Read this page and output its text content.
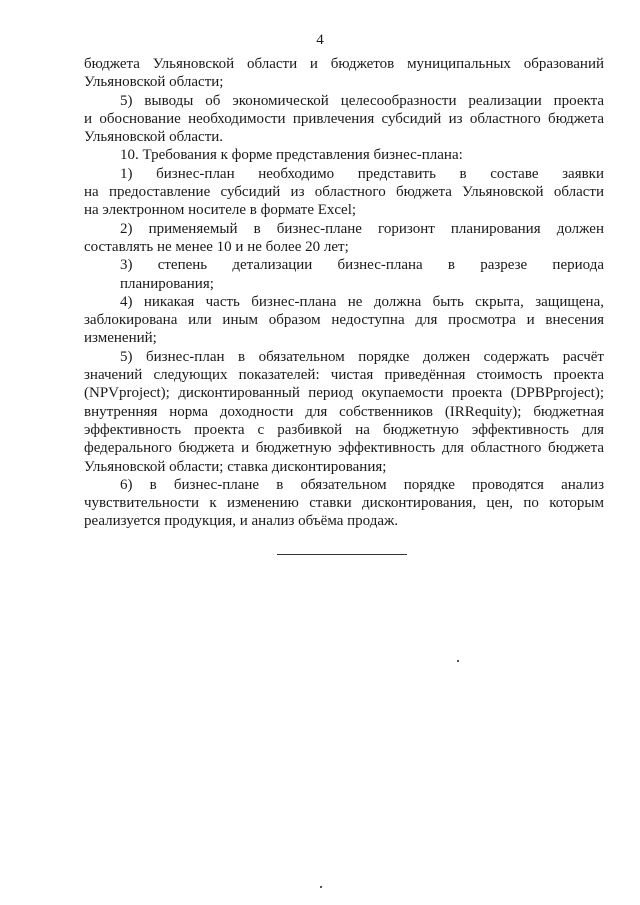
4
бюджета Ульяновской области и бюджетов муниципальных образований
Ульяновской области;
5) выводы об экономической целесообразности реализации проекта
и обоснование необходимости привлечения субсидий из областного бюджета
Ульяновской области.
10. Требования к форме представления бизнес-плана:
1) бизнес-план необходимо представить в составе заявки
на предоставление субсидий из областного бюджета Ульяновской области
на электронном носителе в формате Excel;
2) применяемый в бизнес-плане горизонт планирования должен
составлять не менее 10 и не более 20 лет;
3) степень детализации бизнес-плана в разрезе периода
планирования;
4) никакая часть бизнес-плана не должна быть скрыта, защищена,
заблокирована или иным образом недоступна для просмотра и внесения
изменений;
5) бизнес-план в обязательном порядке должен содержать расчёт
значений следующих показателей: чистая приведённая стоимость проекта
(NPVproject); дисконтированный период окупаемости проекта (DPBPproject);
внутренняя норма доходности для собственников (IRRequity); бюджетная
эффективность проекта с разбивкой на бюджетную эффективность для
федерального бюджета и бюджетную эффективность для областного бюджета
Ульяновской области; ставка дисконтирования;
6) в бизнес-плане в обязательном порядке проводятся анализ
чувствительности к изменению ставки дисконтирования, цен, по которым
реализуется продукция, и анализ объёма продаж.
